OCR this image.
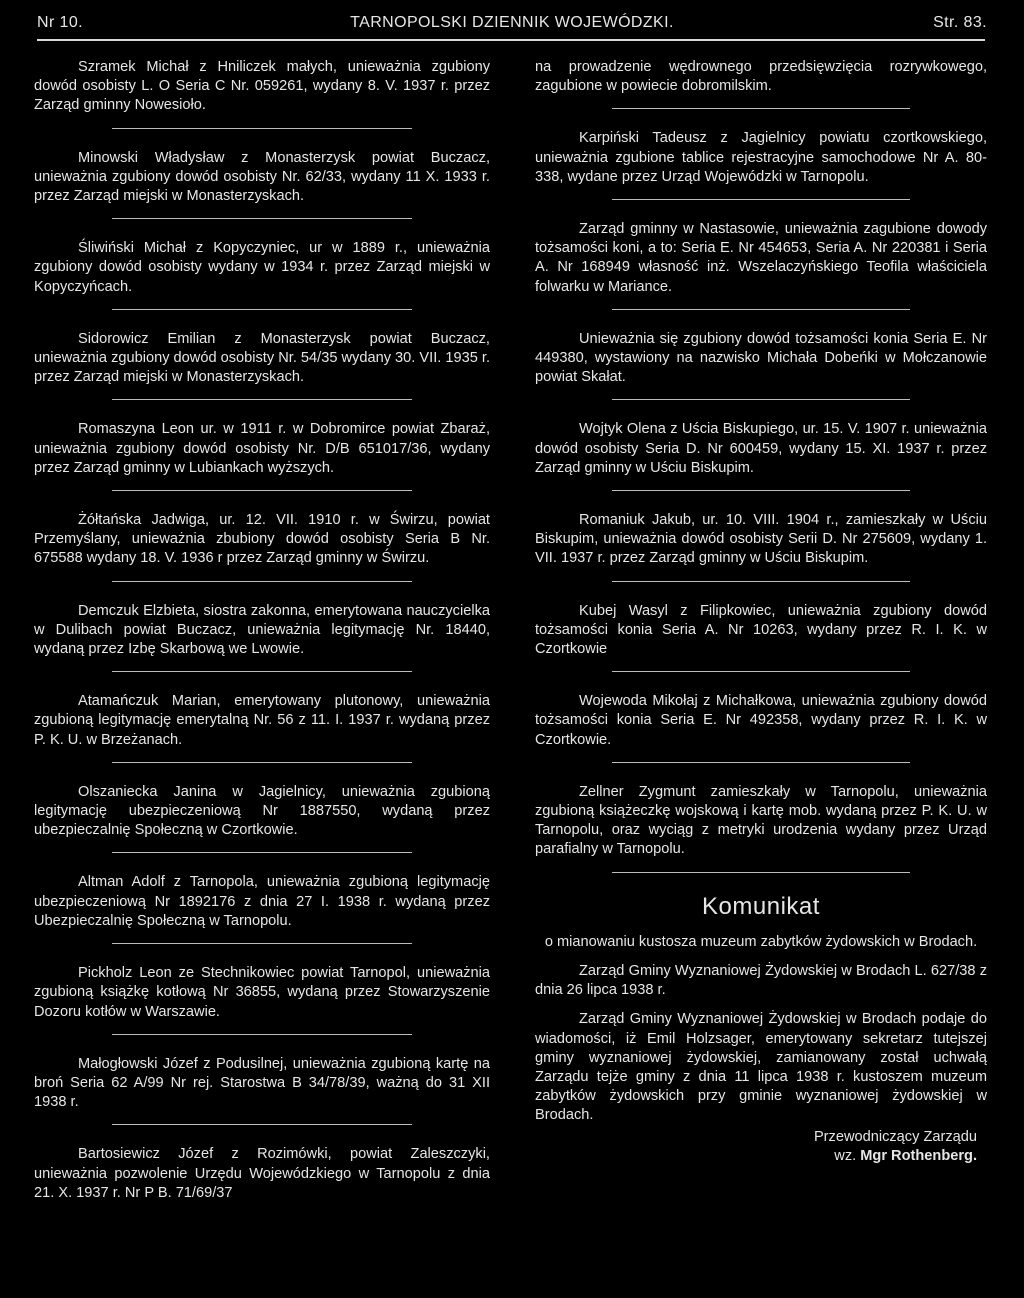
Nr 10.	TARNOPOLSKI DZIENNIK WOJEWÓDZKI.	Str. 83.
Szramek Michał z Hniliczek małych, unieważnia zgubiony dowód osobisty L. O Seria C Nr. 059261, wydany 8. V. 1937 r. przez Zarząd gminny Nowesioło.
Minowski Władysław z Monasterzysk powiat Buczacz, unieważnia zgubiony dowód osobisty Nr. 62/33, wydany 11 X. 1933 r. przez Zarząd miejski w Monasterzyskach.
Śliwiński Michał z Kopyczyniec, ur w 1889 r., unieważnia zgubiony dowód osobisty wydany w 1934 r. przez Zarząd miejski w Kopyczyńcach.
Sidorowicz Emilian z Monasterzysk powiat Buczacz, unieważnia zgubiony dowód osobisty Nr. 54/35 wydany 30. VII. 1935 r. przez Zarząd miejski w Monasterzyskach.
Romaszyna Leon ur. w 1911 r. w Dobromirce powiat Zbaraż, unieważnia zgubiony dowód osobisty Nr. D/B 651017/36, wydany przez Zarząd gminny w Lubiankach wyższych.
Żółtańska Jadwiga, ur. 12. VII. 1910 r. w Świrzu, powiat Przemyślany, unieważnia zbubiony dowód osobisty Seria B Nr. 675588 wydany 18. V. 1936 r przez Zarząd gminny w Świrzu.
Demczuk Elzbieta, siostra zakonna, emerytowana nauczycielka w Dulibach powiat Buczacz, unieważnia legitymację Nr. 18440, wydaną przez Izbę Skarbową we Lwowie.
Atamańczuk Marian, emerytowany plutonowy, unieważnia zgubioną legitymację emerytalną Nr. 56 z 11. I. 1937 r. wydaną przez P. K. U. w Brzeżanach.
Olszaniecka Janina w Jagielnicy, unieważnia zgubioną legitymację ubezpieczeniową Nr 1887550, wydaną przez ubezpieczalnię Społeczną w Czortkowie.
Altman Adolf z Tarnopola, unieważnia zgubioną legitymację ubezpieczeniową Nr 1892176 z dnia 27 I. 1938 r. wydaną przez Ubezpieczalnię Społeczną w Tarnopolu.
Pickholz Leon ze Stechnikowiec powiat Tarnopol, unieważnia zgubioną książkę kotłową Nr 36855, wydaną przez Stowarzyszenie Dozoru kotłów w Warszawie.
Małogłowski Józef z Podusilnej, unieważnia zgubioną kartę na broń Seria 62 A/99 Nr rej. Starostwa B 34/78/39, ważną do 31 XII 1938 r.
Bartosiewicz Józef z Rozimówki, powiat Zaleszczyki, unieważnia pozwolenie Urzędu Wojewódzkiego w Tarnopolu z dnia 21. X. 1937 r. Nr P B. 71/69/37
na prowadzenie wędrownego przedsięwzięcia rozrywkowego, zagubione w powiecie dobromilskim.
Karpiński Tadeusz z Jagielnicy powiatu czortkowskiego, unieważnia zgubione tablice rejestracyjne samochodowe Nr A. 80-338, wydane przez Urząd Wojewódzki w Tarnopolu.
Zarząd gminny w Nastasowie, unieważnia zagubione dowody tożsamości koni, a to: Seria E. Nr 454653, Seria A. Nr 220381 i Seria A. Nr 168949 własność inż. Wszelaczyńskiego Teofila właściciela folwarku w Mariance.
Unieważnia się zgubiony dowód tożsamości konia Seria E. Nr 449380, wystawiony na nazwisko Michała Dobeńki w Mołczanowie powiat Skałat.
Wojtyk Olena z Uścia Biskupiego, ur. 15. V. 1907 r. unieważnia dowód osobisty Seria D. Nr 600459, wydany 15. XI. 1937 r. przez Zarząd gminny w Uściu Biskupim.
Romaniuk Jakub, ur. 10. VIII. 1904 r., zamieszkały w Uściu Biskupim, unieważnia dowód osobisty Serii D. Nr 275609, wydany 1. VII. 1937 r. przez Zarząd gminny w Uściu Biskupim.
Kubej Wasyl z Filipkowiec, unieważnia zgubiony dowód tożsamości konia Seria A. Nr 10263, wydany przez R. I. K. w Czortkowie
Wojewoda Mikołaj z Michałkowa, unieważnia zgubiony dowód tożsamości konia Seria E. Nr 492358, wydany przez R. I. K. w Czortkowie.
Zellner Zygmunt zamieszkały w Tarnopolu, unieważnia zgubioną książeczkę wojskową i kartę mob. wydaną przez P. K. U. w Tarnopolu, oraz wyciąg z metryki urodzenia wydany przez Urząd parafialny w Tarnopolu.
Komunikat
o mianowaniu kustosza muzeum zabytków żydowskich w Brodach.
Zarząd Gminy Wyznaniowej Żydowskiej w Brodach L. 627/38 z dnia 26 lipca 1938 r.
Zarząd Gminy Wyznaniowej Żydowskiej w Brodach podaje do wiadomości, iż Emil Holzsager, emerytowany sekretarz tutejszej gminy wyznaniowej żydowskiej, zamianowany został uchwałą Zarządu tejże gminy z dnia 11 lipca 1938 r. kustoszem muzeum zabytków żydowskich przy gminie wyznaniowej żydowskiej w Brodach.
Przewodniczący Zarządu
wz. Mgr Rothenberg.
